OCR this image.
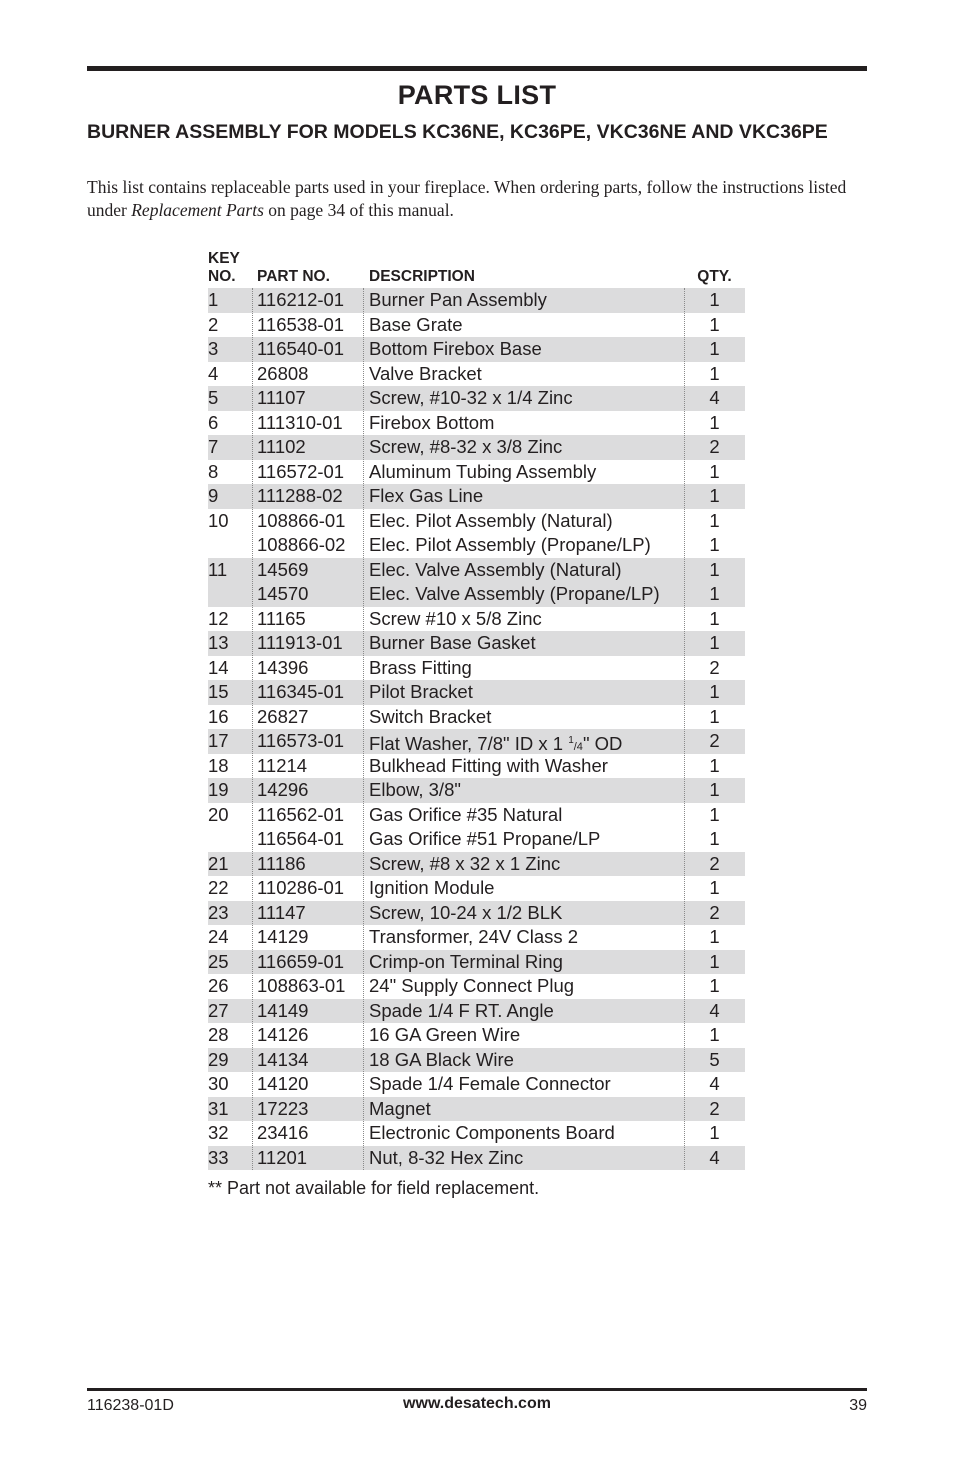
PARTS LIST
BURNER ASSEMBLY FOR MODELS KC36NE, KC36PE, VKC36NE AND VKC36PE
This list contains replaceable parts used in your fireplace. When ordering parts, follow the instructions listed under Replacement Parts on page 34 of this manual.
KEY
NO. PART NO.	DESCRIPTION	QTY.
1 116212-01 Burner Pan Assembly	1
2 116538-01 Base Grate	1
3 116540-01 Bottom Firebox Base	1
4 26808	Valve Bracket	1
5 11107	Screw, #10-32 x 1/4 Zinc	4
6 111310-01 Firebox Bottom	1
7 11102	Screw, #8-32 x 3/8 Zinc	2
8 116572-01 Aluminum Tubing Assembly	1
9 111288-02 Flex Gas Line	1
10 108866-01 Elec. Pilot Assembly (Natural)	1
108866-02 Elec. Pilot Assembly (Propane/LP)	1
11 14569	Elec. Valve Assembly (Natural)	1
14570	Elec. Valve Assembly (Propane/LP)	1
12 11165	Screw #10 x 5/8 Zinc	1
13 111913-01 Burner Base Gasket	1
14 14396	Brass Fitting	2
15 116345-01 Pilot Bracket	1
16 26827	Switch Bracket	1
17 116573-01 Flat Washer, 7/8" ID x 1 $^1$/4" OD	2
18 11214	Bulkhead Fitting with Washer	1
19 14296	Elbow, 3/8"	1
20 116562-01 Gas Orifice #35 Natural	1
116564-01 Gas Orifice #51 Propane/LP	1
21 11186	Screw, #8 x 32 x 1 Zinc	2
22 110286-01 Ignition Module	1
23 11147	Screw, 10-24 x 1/2 BLK	2
24 14129	Transformer, 24V Class 2	1
25 116659-01 Crimp-on Terminal Ring	1
26 108863-01 24" Supply Connect Plug	1
27 14149	Spade 1/4 F RT. Angle	4
28 14126	16 GA Green Wire	1
29 14134	18 GA Black Wire	5
30 14120	Spade 1/4 Female Connector	4
31 17223	Magnet	2
32 23416	Electronic Components Board	1
33 11201	Nut, 8-32 Hex Zinc	4
** Part not available for field replacement.
116238-01D	www.desatech.com	39
